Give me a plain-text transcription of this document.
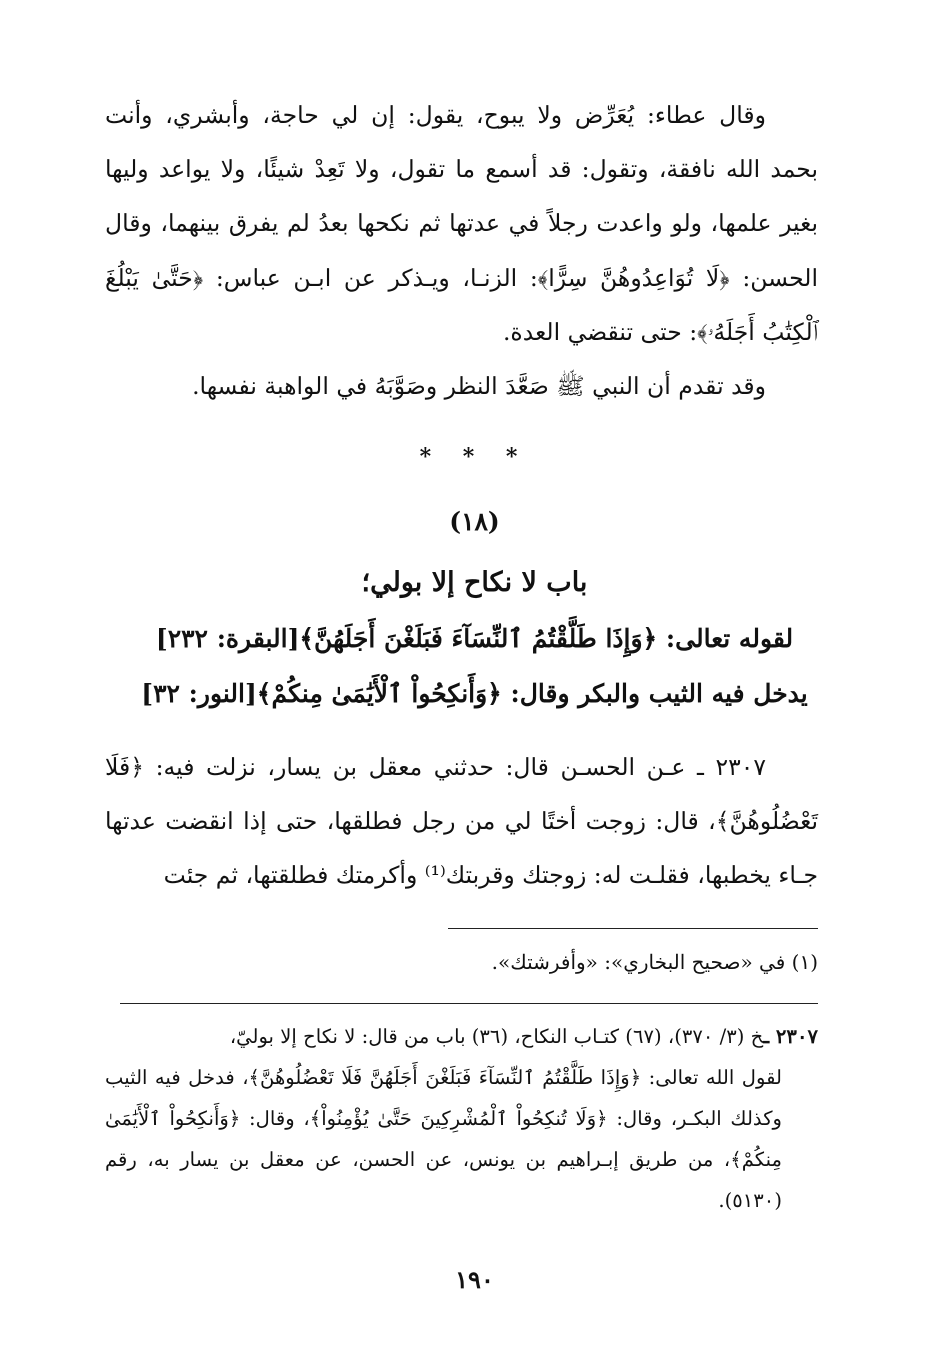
وقال عطاء: يُعَرِّض ولا يبوح، يقول: إن لي حاجة، وأبشري، وأنت بحمد الله نافقة، وتقول: قد أسمع ما تقول، ولا تَعِدْ شيئًا، ولا يواعد وليها بغير علمها، ولو واعدت رجلاً في عدتها ثم نكحها بعدُ لم يفرق بينهما، وقال الحسن: ﴿لَا تُوَاعِدُوهُنَّ سِرًّا﴾: الزنـا، ويـذكر عن ابـن عباس: ﴿حَتَّىٰ يَبْلُغَ ٱلْكِتَٰبُ أَجَلَهُۥ﴾: حتى تنقضي العدة.

وقد تقدم أن النبي ﷺ صَعَّدَ النظر وصَوَّبَهُ في الواهبة نفسها.

* * *
(١٨)
باب لا نكاح إلا بولي؛
لقوله تعالى: ﴿وَإِذَا طَلَّقْتُمُ ٱلنِّسَآءَ فَبَلَغْنَ أَجَلَهُنَّ﴾[البقرة: ٢٣٢]
يدخل فيه الثيب والبكر وقال: ﴿وَأَنكِحُواْ ٱلْأَيَٰمَىٰ مِنكُمْ﴾[النور: ٣٢]

٢٣٠٧ ـ عـن الحسـن قال: حدثني معقل بن يسار، نزلت فيه: ﴿فَلَا تَعْضُلُوهُنَّ﴾، قال: زوجت أختًا لي من رجل فطلقها، حتى إذا انقضت عدتها جـاء يخطبها، فقلـت له: زوجتك وقربتك⁽¹⁾ وأكرمتك فطلقتها، ثم جئت

(١) في «صحيح البخاري»: «وأفرشتك».
٢٣٠٧ ـخ (٣/ ٣٧٠)، (٦٧) كتـاب النكاح، (٣٦) باب من قال: لا نكاح إلا بوليّ،
لقول الله تعالى: ﴿وَإِذَا طَلَّقْتُمُ ٱلنِّسَآءَ فَبَلَغْنَ أَجَلَهُنَّ فَلَا تَعْضُلُوهُنَّ﴾، فدخل فيه الثيب وكذلك البكـر، وقال: ﴿وَلَا تُنكِحُواْ ٱلْمُشْرِكِينَ حَتَّىٰ يُؤْمِنُواْ﴾، وقال: ﴿وَأَنكِحُواْ ٱلْأَيَٰمَىٰ مِنكُمْ﴾، من طريق إبـراهيم بن يونس، عن الحسن، عن معقل بن يسار به، رقم (٥١٣٠).
١٩٠
